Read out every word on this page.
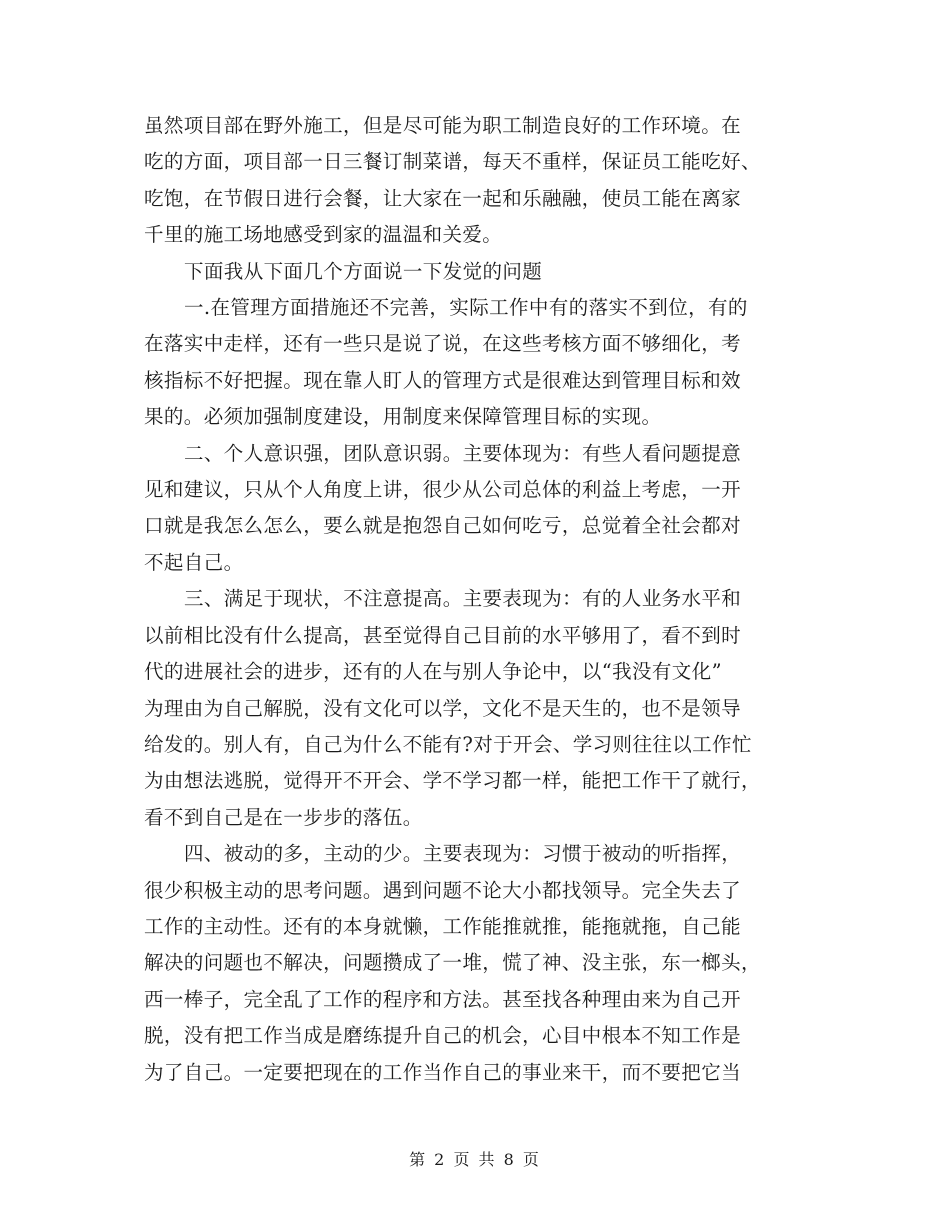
虽然项目部在野外施工，但是尽可能为职工制造良好的工作环境。在
吃的方面，项目部一日三餐订制菜谱，每天不重样，保证员工能吃好、
吃饱，在节假日进行会餐，让大家在一起和乐融融，使员工能在离家
千里的施工场地感受到家的温温和关爱。

下面我从下面几个方面说一下发觉的问题

一.在管理方面措施还不完善，实际工作中有的落实不到位，有的
在落实中走样，还有一些只是说了说，在这些考核方面不够细化，考
核指标不好把握。现在靠人盯人的管理方式是很难达到管理目标和效
果的。必须加强制度建设，用制度来保障管理目标的实现。

二、个人意识强，团队意识弱。主要体现为：有些人看问题提意
见和建议，只从个人角度上讲，很少从公司总体的利益上考虑，一开
口就是我怎么怎么，要么就是抱怨自己如何吃亏，总觉着全社会都对
不起自己。

三、满足于现状，不注意提高。主要表现为：有的人业务水平和
以前相比没有什么提高，甚至觉得自己目前的水平够用了，看不到时
代的进展社会的进步，还有的人在与别人争论中，以“我没有文化”
为理由为自己解脱，没有文化可以学，文化不是天生的，也不是领导
给发的。别人有，自己为什么不能有?对于开会、学习则往往以工作忙
为由想法逃脱，觉得开不开会、学不学习都一样，能把工作干了就行，
看不到自己是在一步步的落伍。

四、被动的多，主动的少。主要表现为：习惯于被动的听指挥，
很少积极主动的思考问题。遇到问题不论大小都找领导。完全失去了
工作的主动性。还有的本身就懒，工作能推就推，能拖就拖，自己能
解决的问题也不解决，问题攒成了一堆，慌了神、没主张，东一榔头，
西一棒子，完全乱了工作的程序和方法。甚至找各种理由来为自己开
脱，没有把工作当成是磨练提升自己的机会，心目中根本不知工作是
为了自己。一定要把现在的工作当作自己的事业来干，而不要把它当

第 2 页 共 8 页
